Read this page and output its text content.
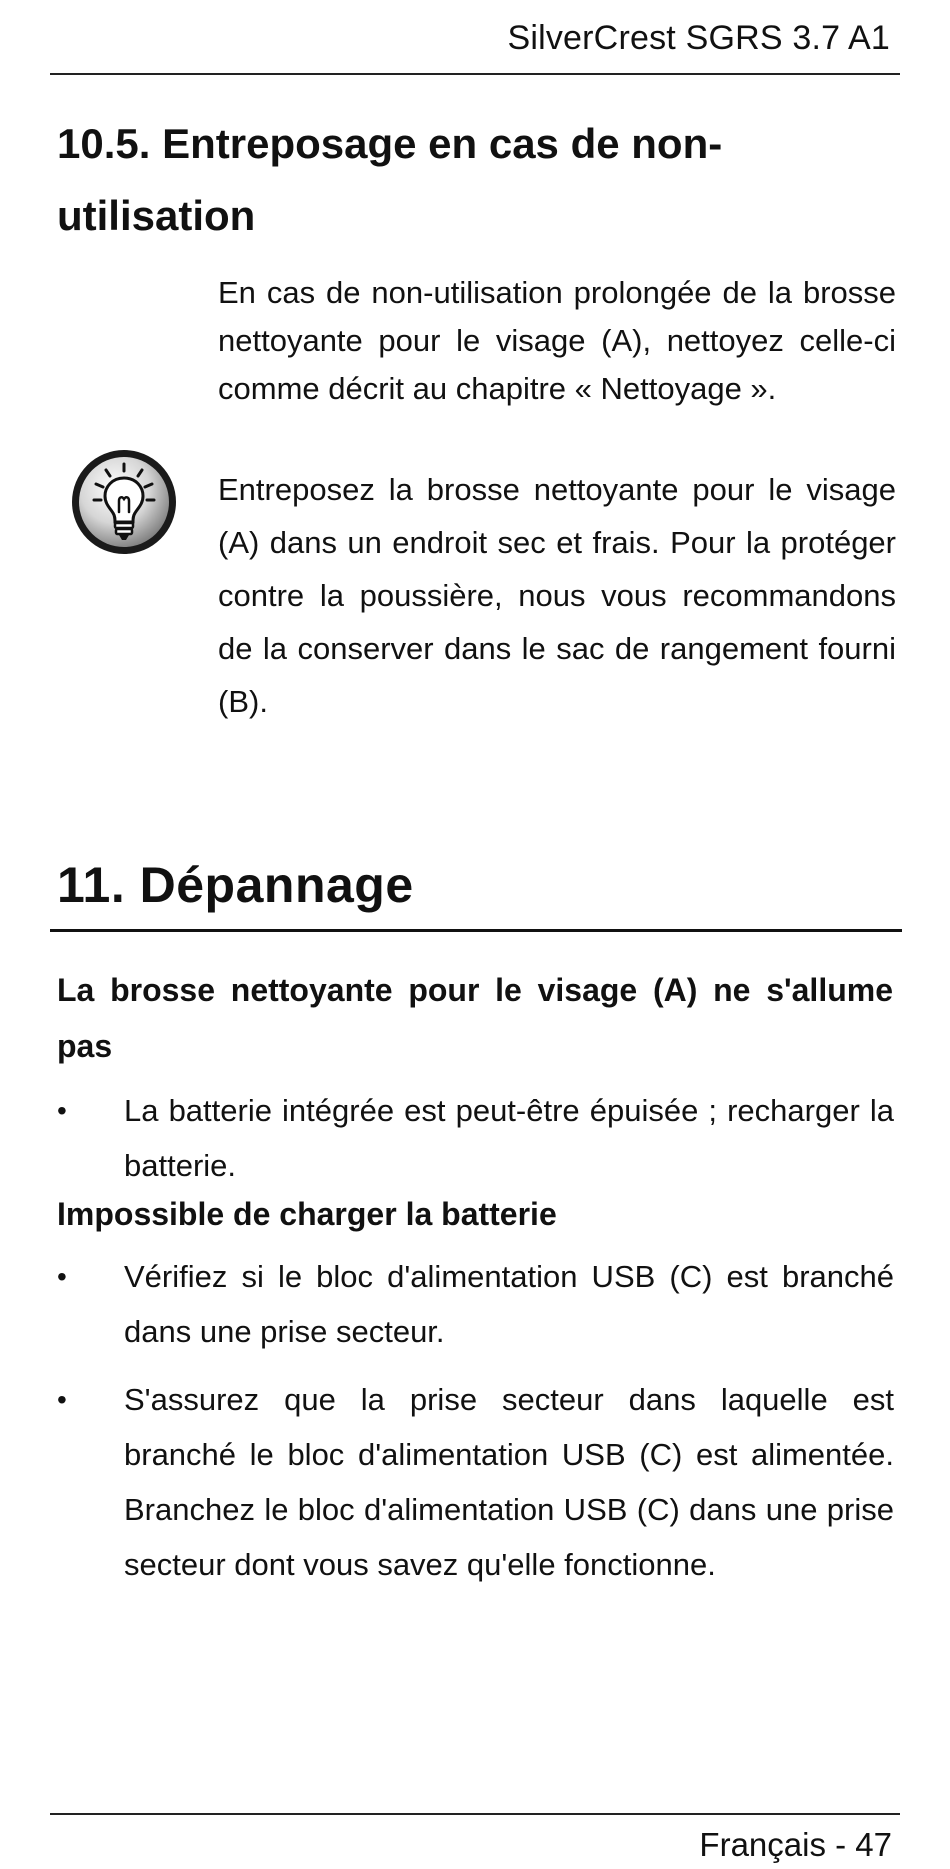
SilverCrest SGRS 3.7 A1
10.5. Entreposage en cas de non-utilisation

En cas de non-utilisation prolongée de la brosse nettoyante pour le visage (A), nettoyez celle-ci comme décrit au chapitre « Nettoyage ».

Entreposez la brosse nettoyante pour le visage (A) dans un endroit sec et frais. Pour la protéger contre la poussière, nous vous recommandons de la conserver dans le sac de rangement fourni (B).

11. Dépannage
La brosse nettoyante pour le visage (A) ne s'allume pas
•	La batterie intégrée est peut-être épuisée ; recharger la batterie.

Impossible de charger la batterie
•	Vérifiez si le bloc d'alimentation USB (C) est branché dans une prise secteur.

•	S'assurez que la prise secteur dans laquelle est branché le bloc d'alimentation USB (C) est alimentée. Branchez le bloc d'alimentation USB (C) dans une prise secteur dont vous savez qu'elle fonctionne.

Français - 47
